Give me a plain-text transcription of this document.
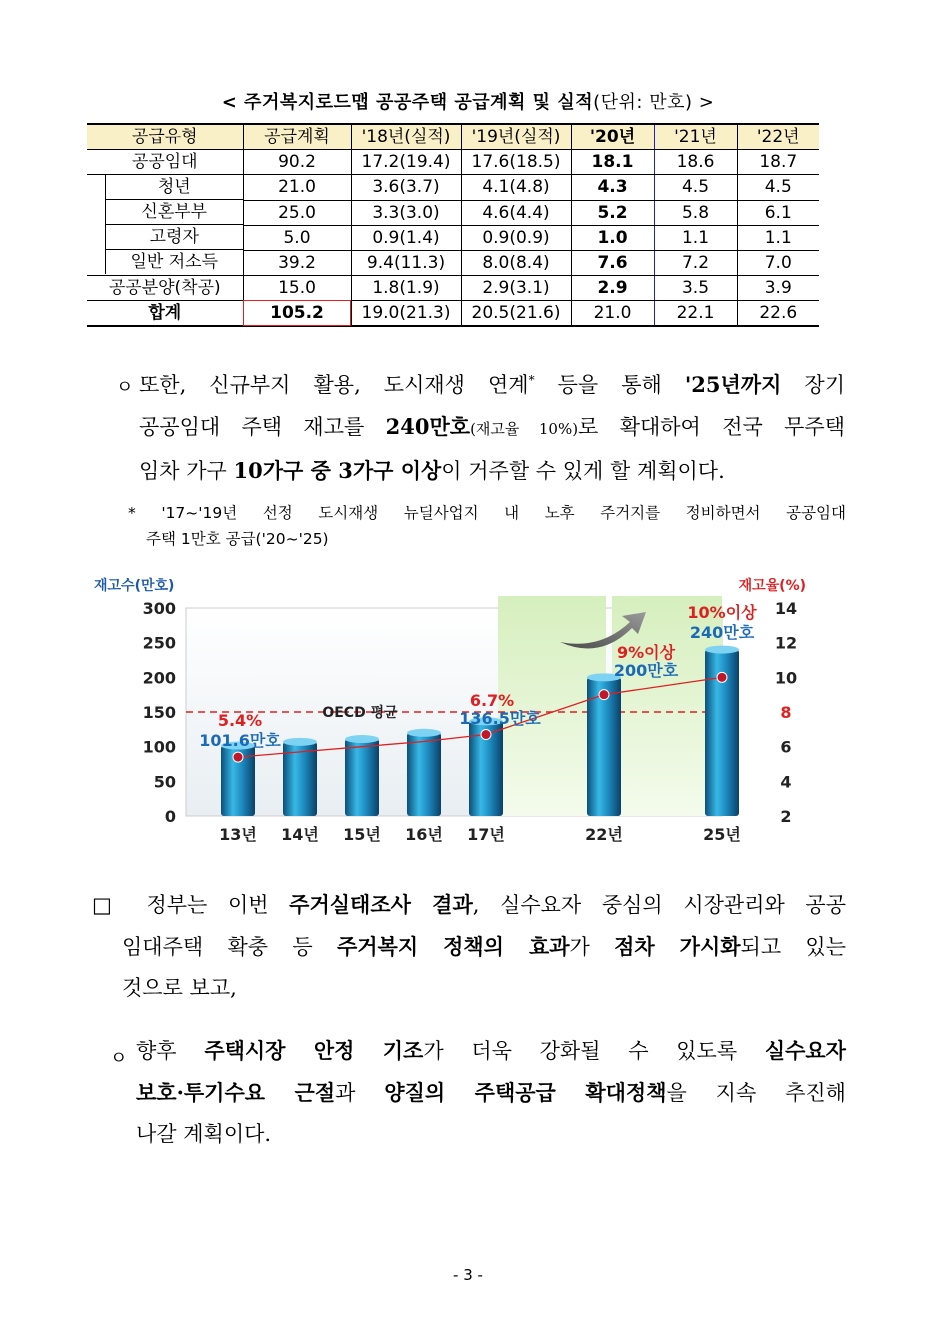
< 주거복지로드맵 공공주택 공급계획 및 실적(단위: 만호) >
공급유형	공급계획	'18년(실적)	'19년(실적)	'20년	'21년	'22년
공공임대	90.2	17.2(19.4)	17.6(18.5)	18.1	18.6	18.7

청년	21.0	3.6(3.7)	4.1(4.8)	4.3	4.5	4.5

신혼부부	25.0	3.3(3.0)	4.6(4.4)	5.2	5.8	6.1

고령자	5.0	0.9(1.4)	0.9(0.9)	1.0	1.1	1.1

일반 저소득	39.2	9.4(11.3)	8.0(8.4)	7.6	7.2	7.0
공공분양(착공)	15.0	1.8(1.9)	2.9(3.1)	2.9	3.5	3.9
합계	105.2	19.0(21.3)	20.5(21.6)	21.0	22.1	22.6
ㅇ 또한, 신규부지 활용, 도시재생 연계* 등을 통해 '25년까지 장기
공공임대 주택 재고를 240만호(재고율 10%)로 확대하여 전국 무주택
임차 가구 10가구 중 3가구 이상이 거주할 수 있게 할 계획이다.
* '17~'19년 선정 도시재생 뉴딜사업지 내 노후 주거지를 정비하면서 공공임대
주택 1만호 공급('20~'25)
재고수(만호)	재고율(%)
300
250
200
150
100
50
0
14
12
10
8
6
4
2
OECD 평균
13년 14년 15년 16년 17년	22년	25년
5.4%
101.6만호
6.7%
136.5만호
9%이상
200만호
10%이상
240만호
□ 정부는 이번 주거실태조사 결과, 실수요자 중심의 시장관리와 공공
임대주택 확충 등 주거복지 정책의 효과가 점차 가시화되고 있는
것으로 보고,
ㅇ 향후 주택시장 안정 기조가 더욱 강화될 수 있도록 실수요자
보호·투기수요 근절과 양질의 주택공급 확대정책을 지속 추진해
나갈 계획이다.
- 3 -
